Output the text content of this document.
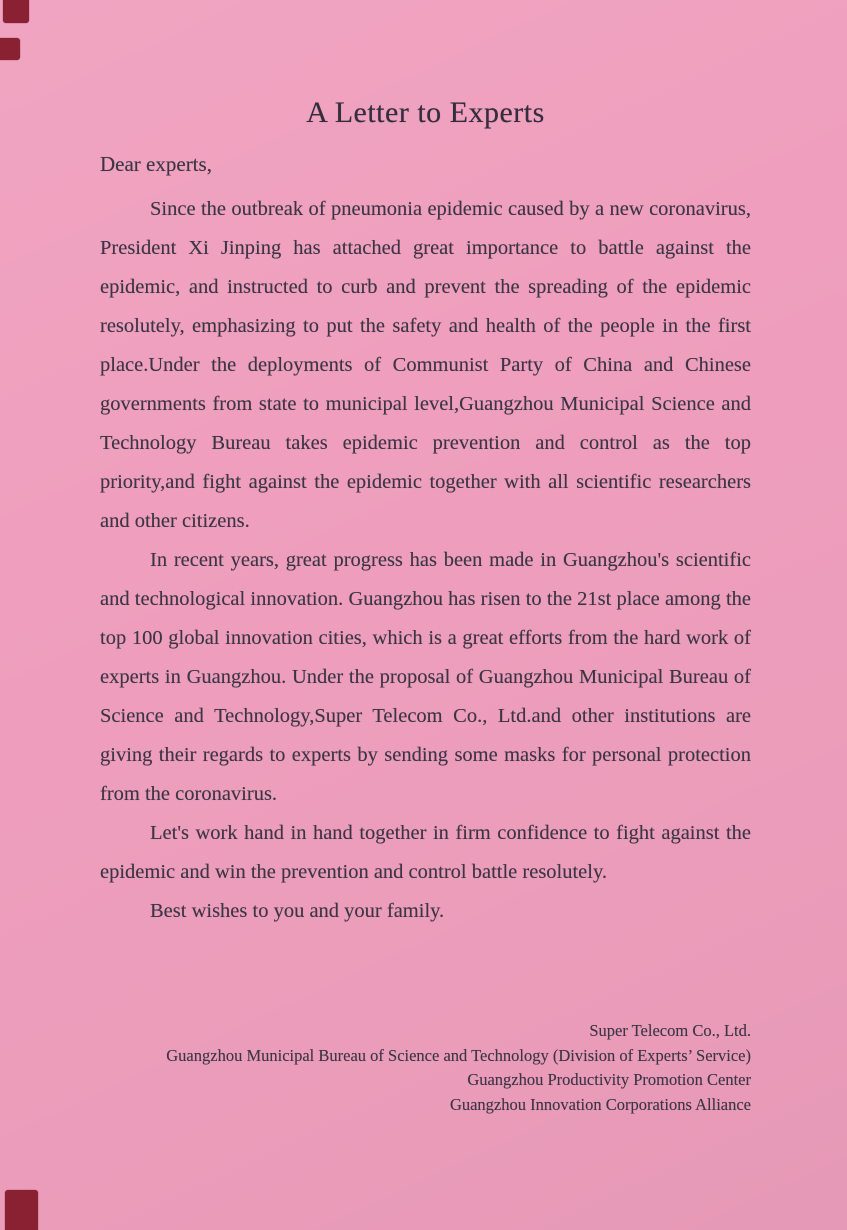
A Letter to Experts

Dear experts,

Since the outbreak of pneumonia epidemic caused by a new coronavirus, President Xi Jinping has attached great importance to battle against the epidemic, and instructed to curb and prevent the spreading of the epidemic resolutely, emphasizing to put the safety and health of the people in the first place.Under the deployments of Communist Party of China and Chinese governments from state to municipal level,Guangzhou Municipal Science and Technology Bureau takes epidemic prevention and control as the top priority,and fight against the epidemic together with all scientific researchers and other citizens.

In recent years, great progress has been made in Guangzhou's scientific and technological innovation. Guangzhou has risen to the 21st place among the top 100 global innovation cities, which is a great efforts from the hard work of experts in Guangzhou. Under the proposal of Guangzhou Municipal Bureau of Science and Technology,Super Telecom Co., Ltd.and other institutions are giving their regards to experts by sending some masks for personal protection from the coronavirus.

Let's work hand in hand together in firm confidence to fight against the epidemic and win the prevention and control battle resolutely.

Best wishes to you and your family.

Super Telecom Co., Ltd.

Guangzhou Municipal Bureau of Science and Technology (Division of Experts’ Service)

Guangzhou Productivity Promotion Center

Guangzhou Innovation Corporations Alliance
